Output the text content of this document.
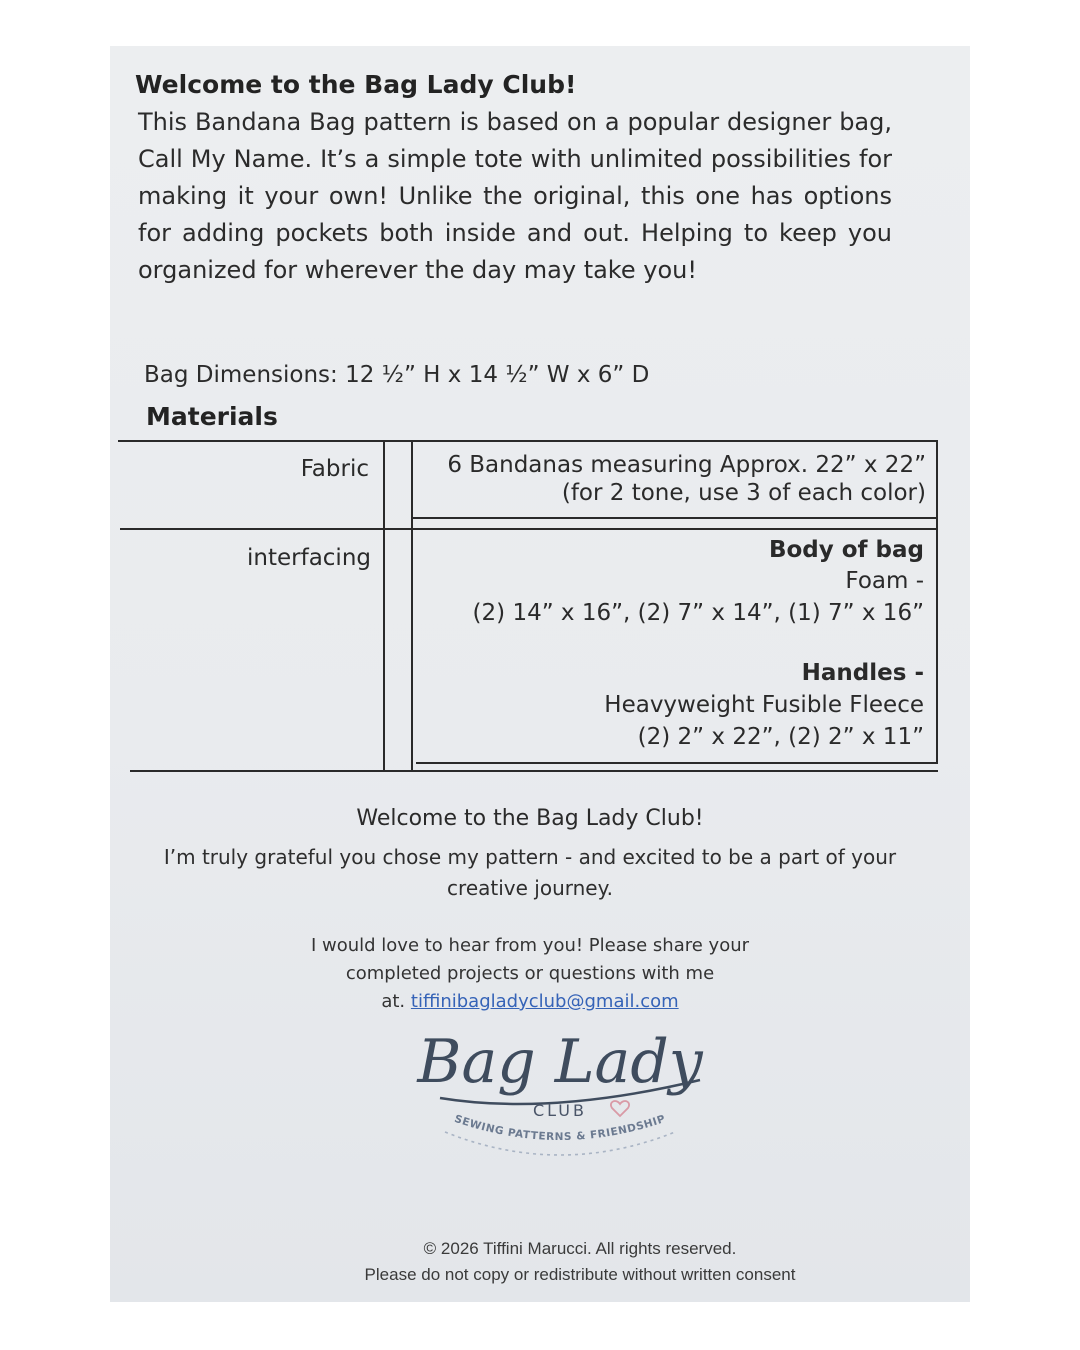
Welcome to the Bag Lady Club!

This Bandana Bag pattern is based on a popular designer bag, Call My Name. It’s a simple tote with unlimited possibilities for making it your own! Unlike the original, this one has options for adding pockets both inside and out. Helping to keep you organized for wherever the day may take you!

Bag Dimensions: 12 ½” H x 14 ½” W x 6” D
Materials
Fabric	6 Bandanas measuring Approx. 22” x 22”
(for 2 tone, use 3 of each color)
interfacing	Body of bag
Foam -
(2) 14” x 16”, (2) 7” x 14”, (1) 7” x 16”
Handles -
Heavyweight Fusible Fleece
(2) 2” x 22”, (2) 2” x 11”
Welcome to the Bag Lady Club!

I’m truly grateful you chose my pattern - and excited to be a part of your creative journey.

I would love to hear from you! Please share your
completed projects or questions with me
at. tiffinibagladyclub@gmail.com

Bag Lady
CLUB
SEWING PATTERNS & FRIENDSHIP

© 2026 Tiffini Marucci. All rights reserved.
Please do not copy or redistribute without written consent
